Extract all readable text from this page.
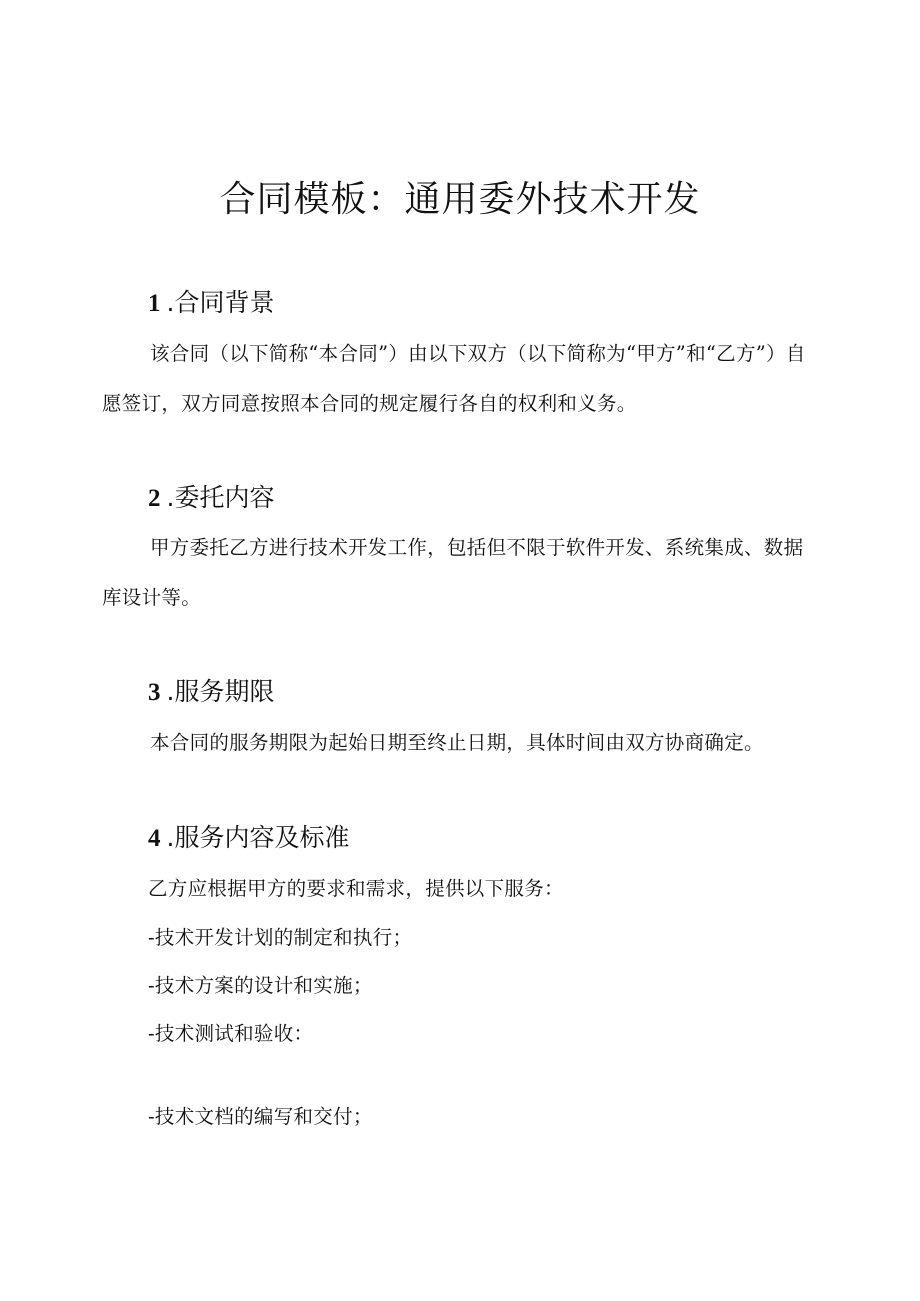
合同模板：通用委外技术开发
1 .合同背景

该合同（以下简称“本合同”）由以下双方（以下简称为“甲方”和“乙方”）自愿签订，双方同意按照本合同的规定履行各自的权利和义务。

2 .委托内容

甲方委托乙方进行技术开发工作，包括但不限于软件开发、系统集成、数据库设计等。

3 .服务期限

本合同的服务期限为起始日期至终止日期，具体时间由双方协商确定。

4 .服务内容及标准
乙方应根据甲方的要求和需求，提供以下服务：
-技术开发计划的制定和执行；
-技术方案的设计和实施；
-技术测试和验收：
-技术文档的编写和交付；
